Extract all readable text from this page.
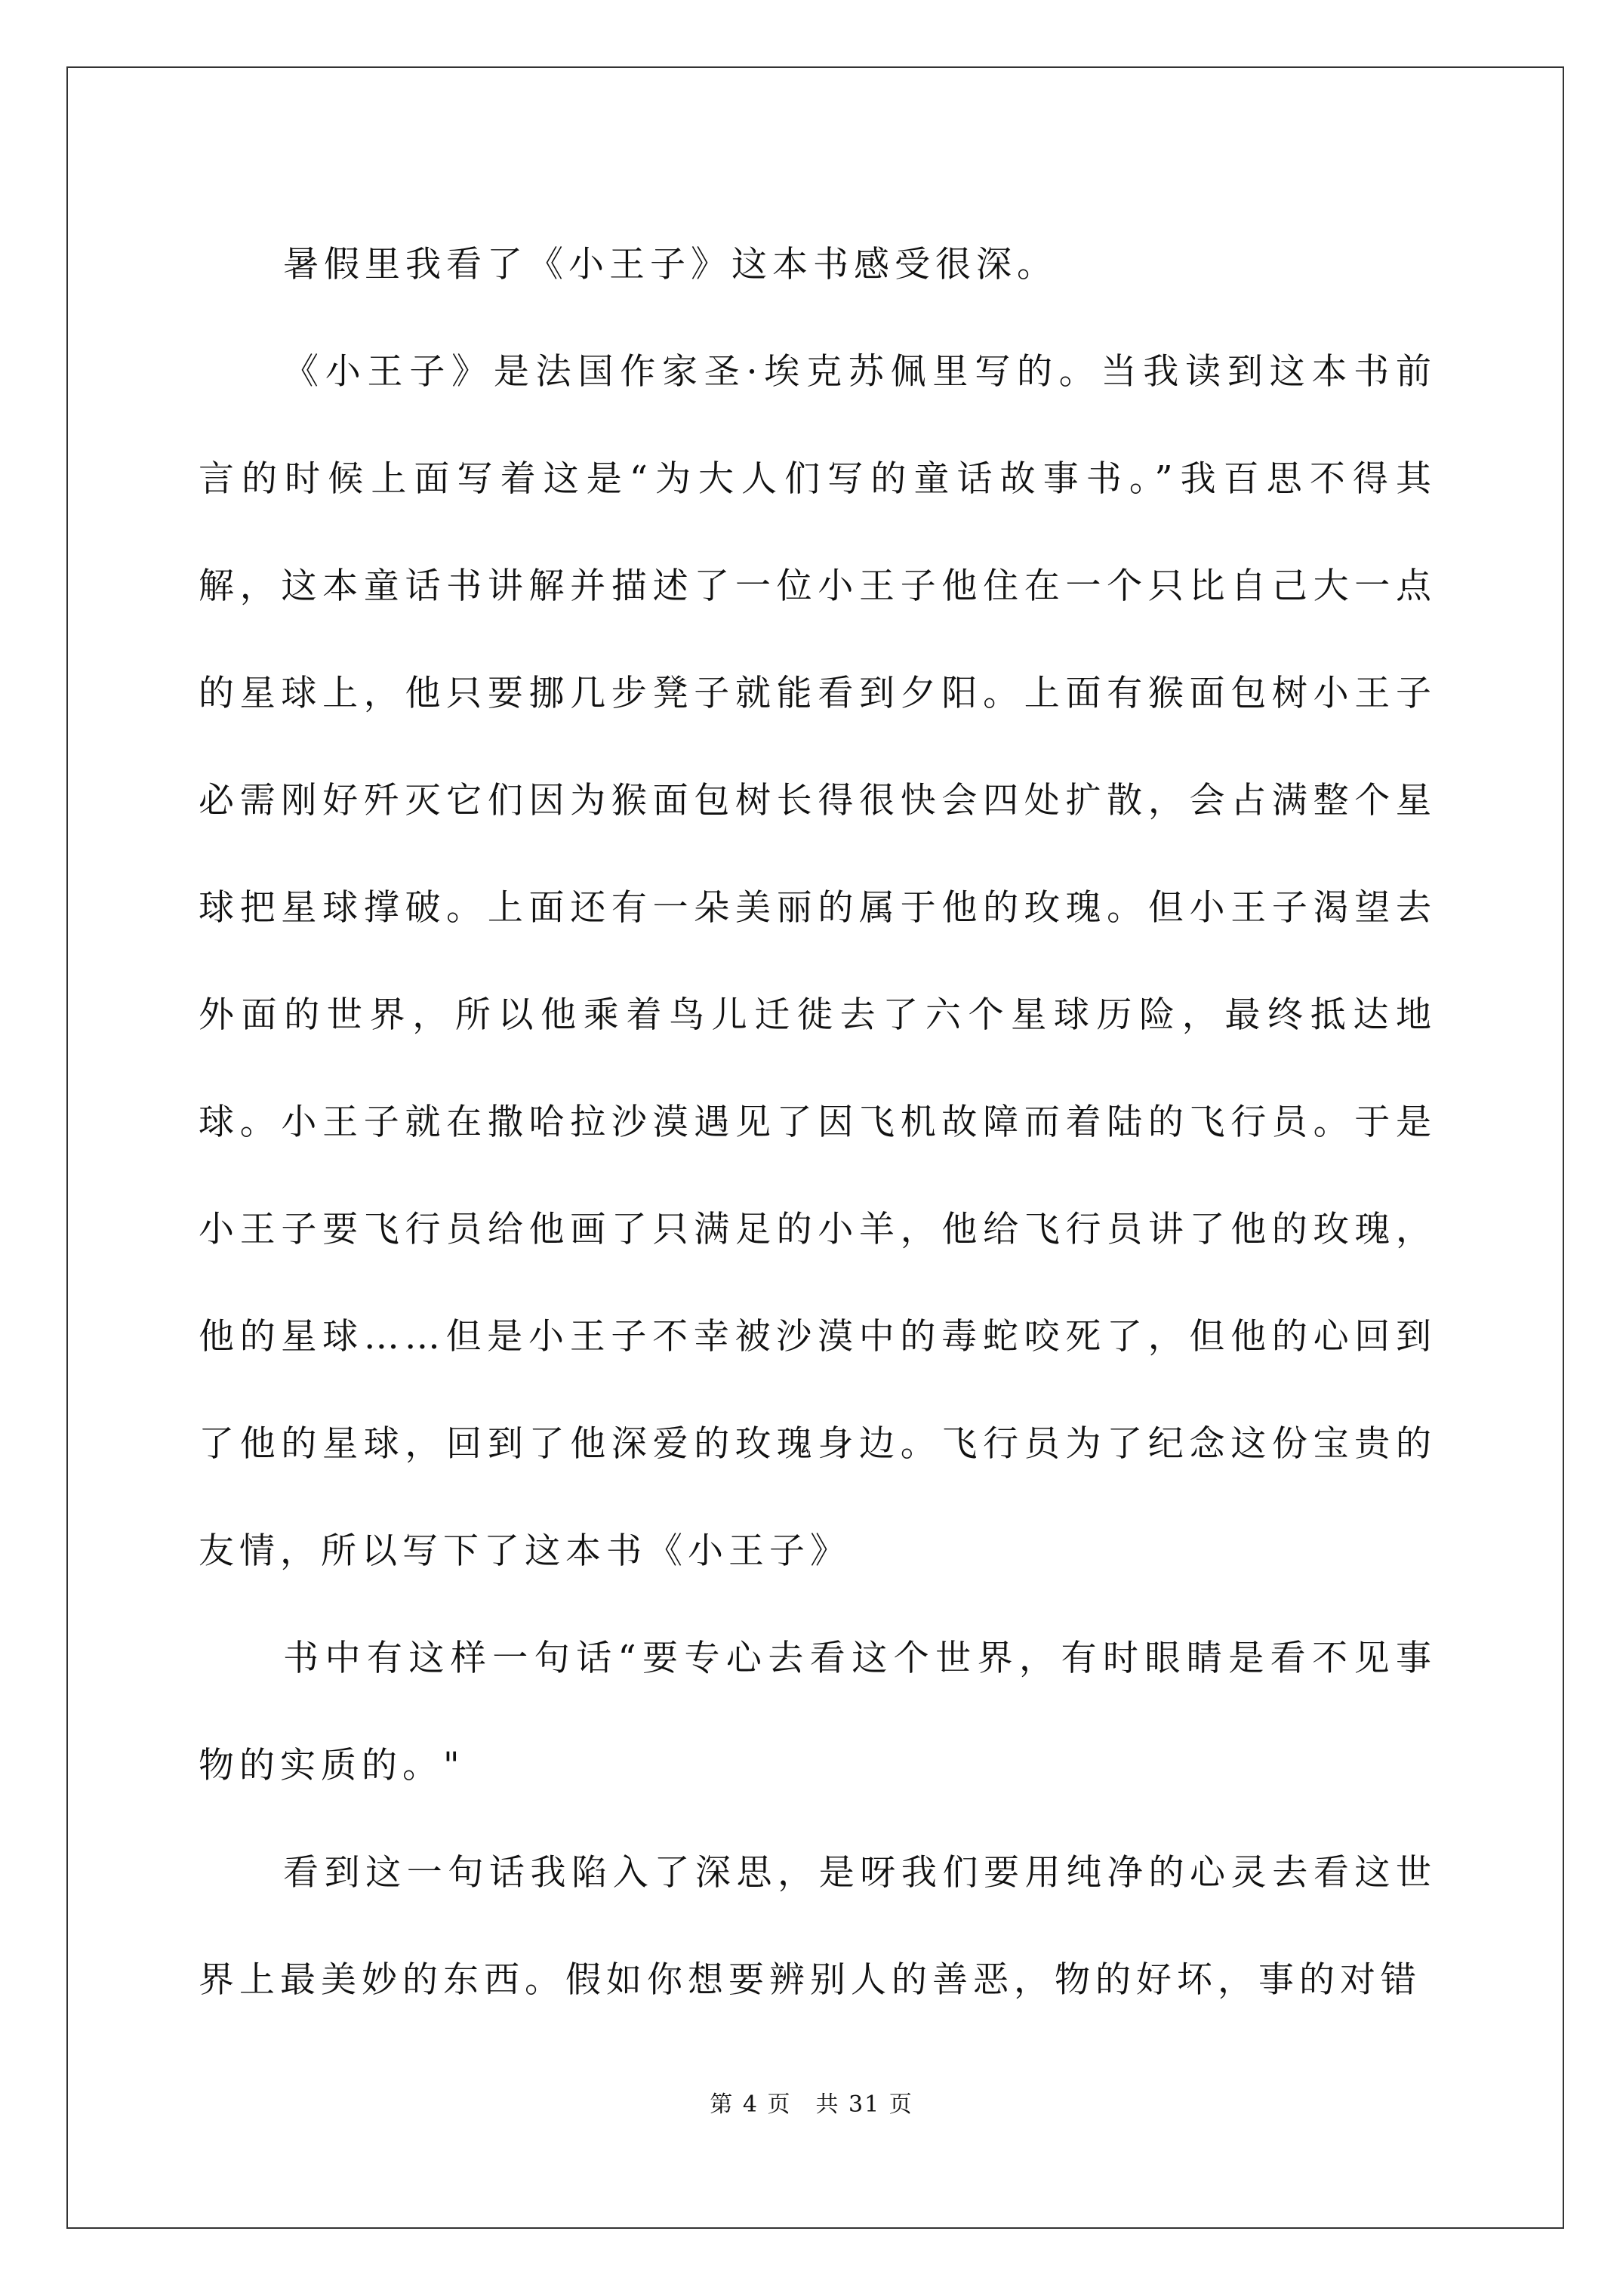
暑假里我看了《小王子》这本书感受很深。

《小王子》是法国作家圣·埃克苏佩里写的。当我读到这本书前言的时候上面写着这是“为大人们写的童话故事书。”我百思不得其解，这本童话书讲解并描述了一位小王子他住在一个只比自己大一点的星球上，他只要挪几步凳子就能看到夕阳。上面有猴面包树小王子必需刚好歼灭它们因为猴面包树长得很快会四处扩散，会占满整个星球把星球撑破。上面还有一朵美丽的属于他的玫瑰。但小王子渴望去外面的世界，所以他乘着鸟儿迁徙去了六个星球历险，最终抵达地球。小王子就在撒哈拉沙漠遇见了因飞机故障而着陆的飞行员。于是小王子要飞行员给他画了只满足的小羊，他给飞行员讲了他的玫瑰，他的星球……但是小王子不幸被沙漠中的毒蛇咬死了，但他的心回到了他的星球，回到了他深爱的玫瑰身边。飞行员为了纪念这份宝贵的友情，所以写下了这本书《小王子》

书中有这样一句话“要专心去看这个世界，有时眼睛是看不见事物的实质的。"

看到这一句话我陷入了深思，是呀我们要用纯净的心灵去看这世界上最美妙的东西。假如你想要辨别人的善恶，物的好坏，事的对错

第 4 页　共 31 页
